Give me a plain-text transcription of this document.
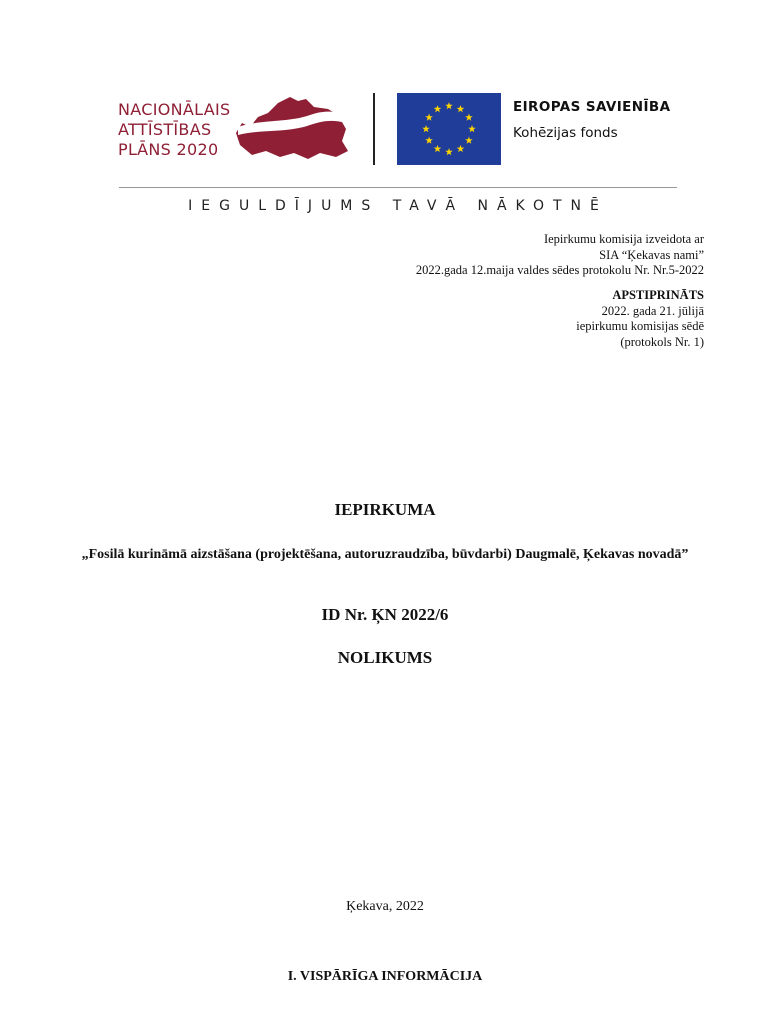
NACIONĀLAIS
ATTĪSTĪBAS
PLĀNS 2020
EIROPAS SAVIENĪBA
Kohēzijas fonds
IEGULDĪJUMS TAVĀ NĀKOTNĒ
Iepirkumu komisija izveidota ar
SIA “Ķekavas nami”
2022.gada 12.maija valdes sēdes protokolu Nr. Nr.5-2022
APSTIPRINĀTS
2022. gada 21. jūlijā
iepirkumu komisijas sēdē
(protokols Nr. 1)
IEPIRKUMA
„Fosilā kurināmā aizstāšana (projektēšana, autoruzraudzība, būvdarbi) Daugmalē, Ķekavas novadā”
ID Nr. ĶN 2022/6
NOLIKUMS
Ķekava, 2022
I. VISPĀRĪGA INFORMĀCIJA
